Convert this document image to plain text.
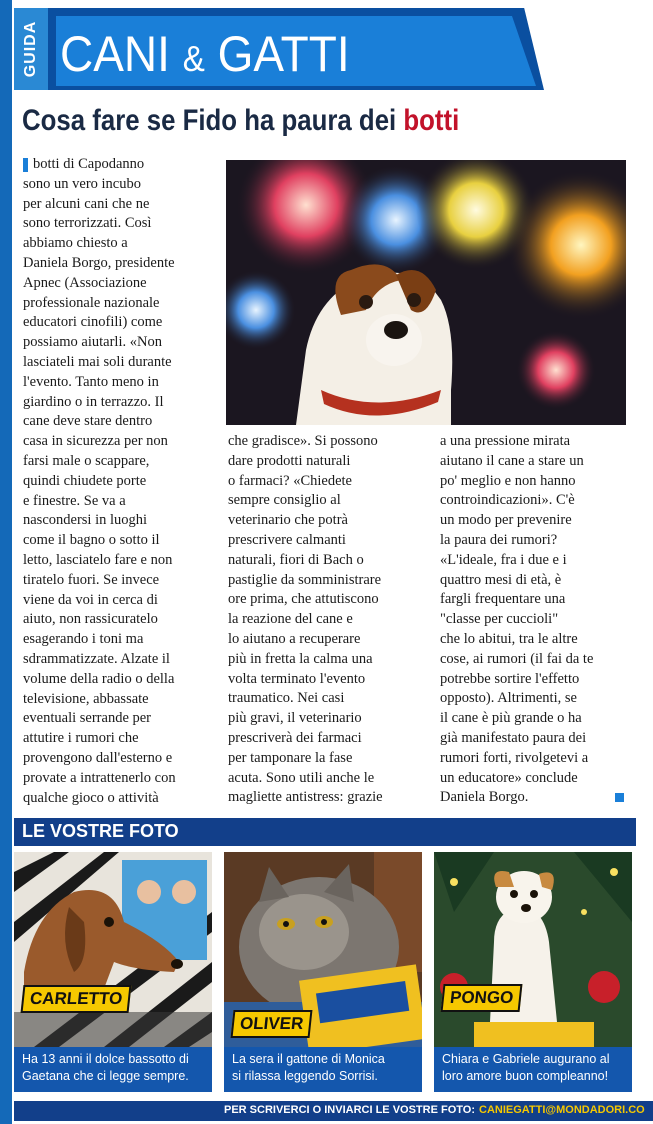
GUIDA CANI & GATTI
Cosa fare se Fido ha paura dei botti

botti di Capodanno

sono un vero incubo

per alcuni cani che ne

sono terrorizzati. Così

abbiamo chiesto a

Daniela Borgo, presidente

Apnec (Associazione

professionale nazionale

educatori cinofili) come

possiamo aiutarli. «Non

lasciateli mai soli durante

l'evento. Tanto meno in

giardino o in terrazzo. Il

cane deve stare dentro

casa in sicurezza per non

farsi male o scappare,

quindi chiudete porte

e finestre. Se va a

nascondersi in luoghi

come il bagno o sotto il

letto, lasciatelo fare e non

tiratelo fuori. Se invece

viene da voi in cerca di

aiuto, non rassicuratelo

esagerando i toni ma

sdrammatizzate. Alzate il

volume della radio o della

televisione, abbassate

eventuali serrande per

attutire i rumori che

provengono dall'esterno e

provate a intrattenerlo con

qualche gioco o attività

che gradisce». Si possono

dare prodotti naturali

o farmaci? «Chiedete

sempre consiglio al

veterinario che potrà

prescrivere calmanti

naturali, fiori di Bach o

pastiglie da somministrare

ore prima, che attutiscono

la reazione del cane e

lo aiutano a recuperare

più in fretta la calma una

volta terminato l'evento

traumatico. Nei casi

più gravi, il veterinario

prescriverà dei farmaci

per tamponare la fase

acuta. Sono utili anche le

magliette antistress: grazie

a una pressione mirata

aiutano il cane a stare un

po' meglio e non hanno

controindicazioni». C'è

un modo per prevenire

la paura dei rumori?

«L'ideale, fra i due e i

quattro mesi di età, è

fargli frequentare una

"classe per cuccioli"

che lo abitui, tra le altre

cose, ai rumori (il fai da te

potrebbe sortire l'effetto

opposto). Altrimenti, se

il cane è più grande o ha

già manifestato paura dei

rumori forti, rivolgetevi a

un educatore» conclude

Daniela Borgo.

LE VOSTRE FOTO
CARLETTO
Ha 13 anni il dolce bassotto di
Gaetana che ci legge sempre.
OLIVER
La sera il gattone di Monica
si rilassa leggendo Sorrisi.
PONGO
Chiara e Gabriele augurano al
loro amore buon compleanno!
PER SCRIVERCI O INVIARCI LE VOSTRE FOTO: CANIEGATTI@MONDADORI.CO
